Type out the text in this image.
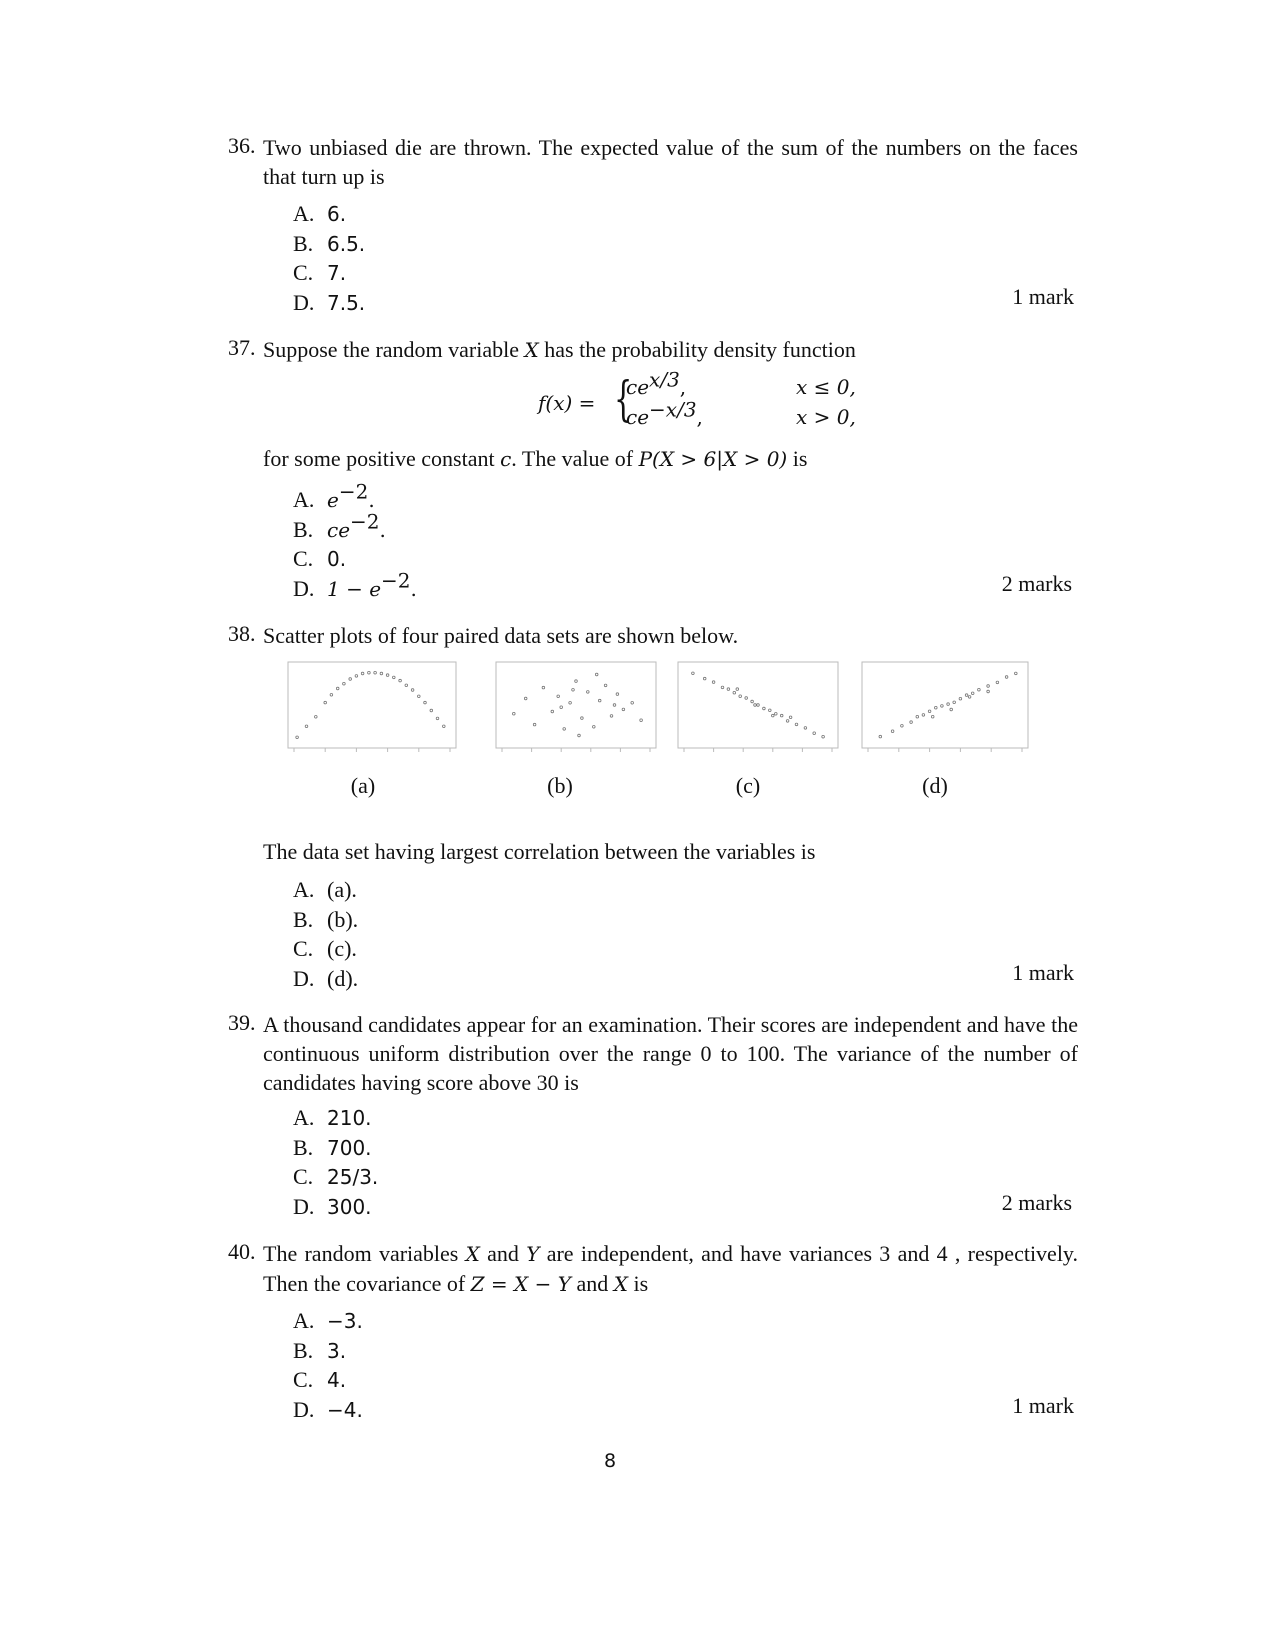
36. Two unbiased die are thrown. The expected value of the sum of the numbers on the faces that turn up is
A. 6.
B. 6.5.
C. 7.
D. 7.5.	1 mark
37. Suppose the random variable X has the probability density function
f(x) = {
$ce^{x/3}$,	x ≤ 0,
$ce^{-x/3}$,	x > 0,
for some positive constant c. The value of P(X > 6|X > 0) is
A. $e^{-2}$.
B. $ce^{-2}$.
C. 0.
D. $1 - e^{-2}$.	2 marks
38. Scatter plots of four paired data sets are shown below.
(a)	(b)	(c)	(d)
The data set having largest correlation between the variables is
A. (a).
B. (b).
C. (c).
D. (d).	1 mark
39. A thousand candidates appear for an examination. Their scores are independent and have the continuous uniform distribution over the range 0 to 100. The variance of the number of candidates having score above 30 is
A. 210.
B. 700.
C. 25/3.
D. 300.	2 marks
40. The random variables X and Y are independent, and have variances 3 and 4 , respectively. Then the covariance of Z = X − Y and X is
A. −3.
B. 3.
C. 4.
D. −4.	1 mark
8
